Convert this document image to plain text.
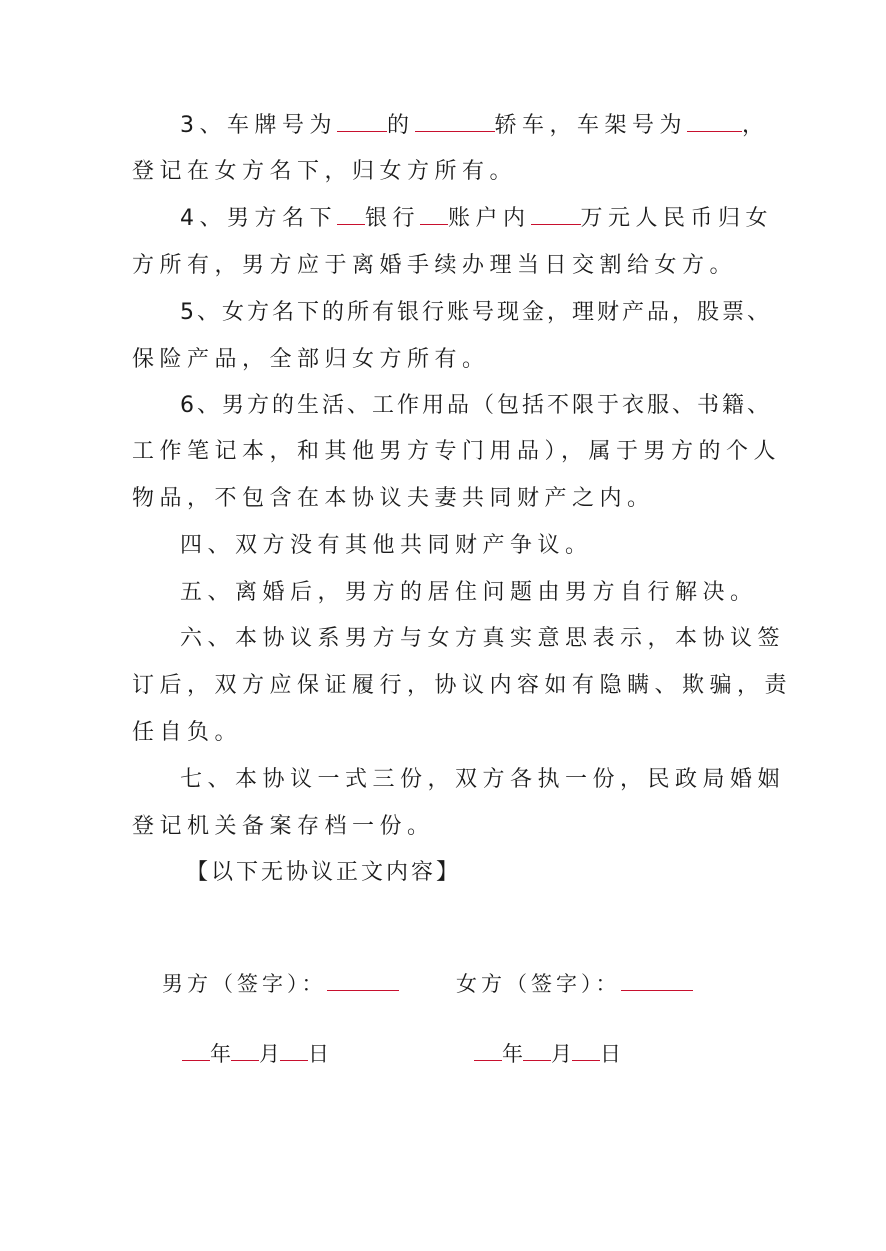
3、车牌号为 的	轿车，车架号为	，
登记在女方名下，归女方所有。
4、男方名下 银行 账户内 万元人民币归女
方所有，男方应于离婚手续办理当日交割给女方。
5、女方名下的所有银行账号现金，理财产品，股票、
保险产品，全部归女方所有。
6、男方的生活、工作用品（包括不限于衣服、书籍、
工作笔记本，和其他男方专门用品），属于男方的个人
物品，不包含在本协议夫妻共同财产之内。
四、双方没有其他共同财产争议。
五、离婚后，男方的居住问题由男方自行解决。
六、本协议系男方与女方真实意思表示，本协议签
订后，双方应保证履行，协议内容如有隐瞒、欺骗，责
任自负。
七、本协议一式三份，双方各执一份，民政局婚姻
登记机关备案存档一份。
【以下无协议正文内容】
男方（签字）：	女方（签字）：
年 月 日	年 月 日
